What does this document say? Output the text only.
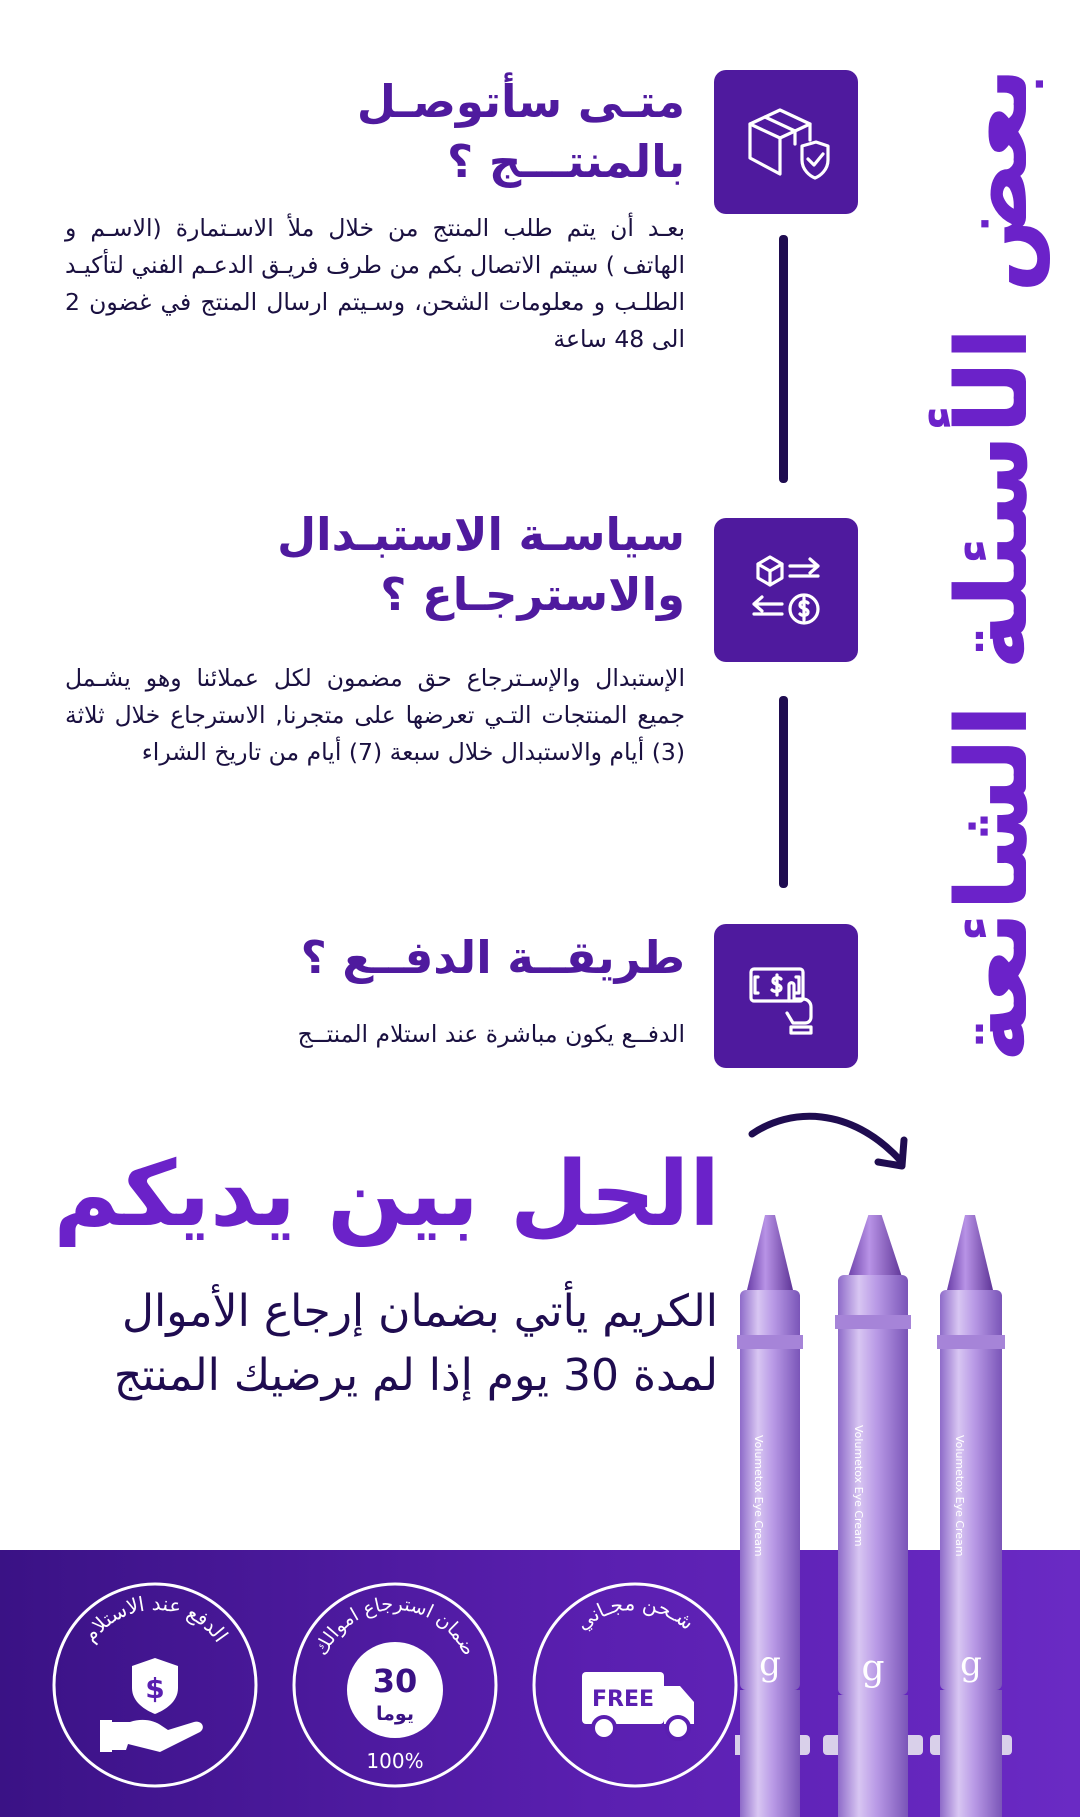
بعض الأسئلة الشائعة
متـى سأتوصـل
بالمنتـــج ؟
بعـد أن يتم طلب المنتج من خلال ملأ الاسـتمارة (الاسـم و الهاتف ) سيتم الاتصال بكم من طرف فريـق الدعـم الفني لتأكيـد الطلـب و معلومات الشحن، وسـيتم ارسال المنتج في غضون 2 الى 48 ساعة
سياسـة الاستبـدال
والاسترجـاع ؟
الإستبدال والإسـترجاع حق مضمون لكل عملائنا وهو يشـمل جميع المنتجات التـي تعرضها على متجرنا, الاسترجاع خلال ثلاثة (3) أيام والاستبدال خلال سبعة (7) أيام من تاريخ الشراء
طريقــة الدفــع ؟
الدفــع يكون مباشرة عند استلام المنتــج
الحل بين يديكم
الكريم يأتي بضمان إرجاع الأموال لمدة 30 يوم إذا لم يرضيك المنتج
الدفع عند الاستلام
$
ضمان استرجاع اموالك
30
يوما
100%
شـحن مجـاني
FREE
g
Volumetox Eye Cream
g
Volumetox Eye Cream
g
Volumetox Eye Cream
